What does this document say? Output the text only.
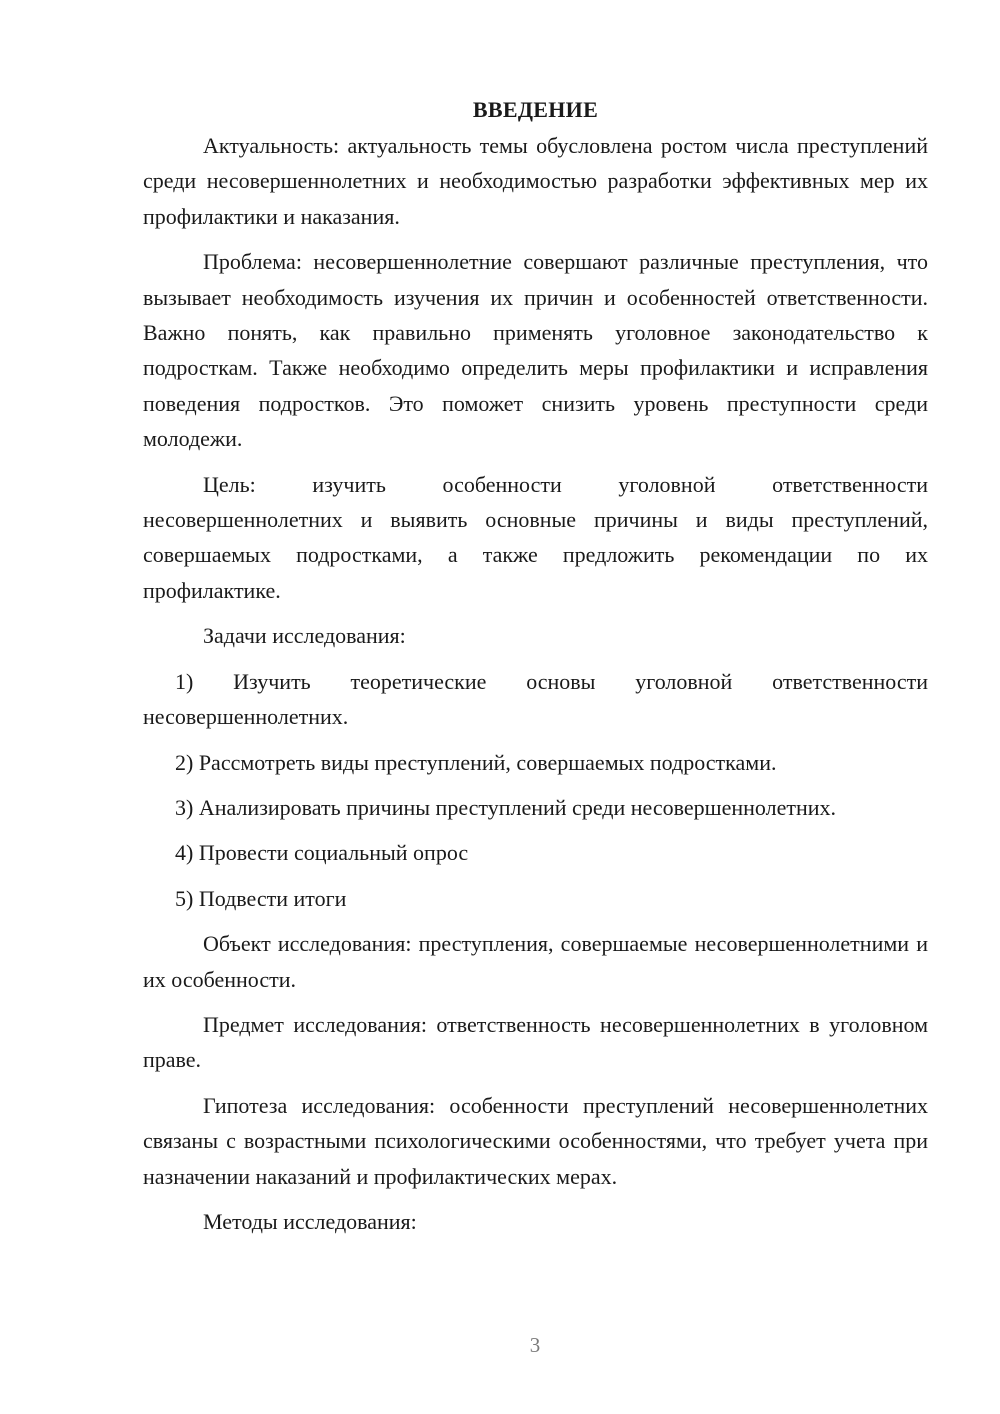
ВВЕДЕНИЕ

Актуальность: актуальность темы обусловлена ростом числа преступлений среди несовершеннолетних и необходимостью разработки эффективных мер их профилактики и наказания.

Проблема: несовершеннолетние совершают различные преступления, что вызывает необходимость изучения их причин и особенностей ответственности. Важно понять, как правильно применять уголовное законодательство к подросткам. Также необходимо определить меры профилактики и исправления поведения подростков. Это поможет снизить уровень преступности среди молодежи.

Цель: изучить особенности уголовной ответственности несовершеннолетних и выявить основные причины и виды преступлений, совершаемых подростками, а также предложить рекомендации по их профилактике.

Задачи исследования:

1) Изучить теоретические основы уголовной ответственности несовершеннолетних.

2) Рассмотреть виды преступлений, совершаемых подростками.

3) Анализировать причины преступлений среди несовершеннолетних.

4) Провести социальный опрос

5) Подвести итоги

Объект исследования: преступления, совершаемые несовершеннолетними и их особенности.

Предмет исследования: ответственность несовершеннолетних в уголовном праве.

Гипотеза исследования: особенности преступлений несовершеннолетних связаны с возрастными психологическими особенностями, что требует учета при назначении наказаний и профилактических мерах.

Методы исследования:

3
